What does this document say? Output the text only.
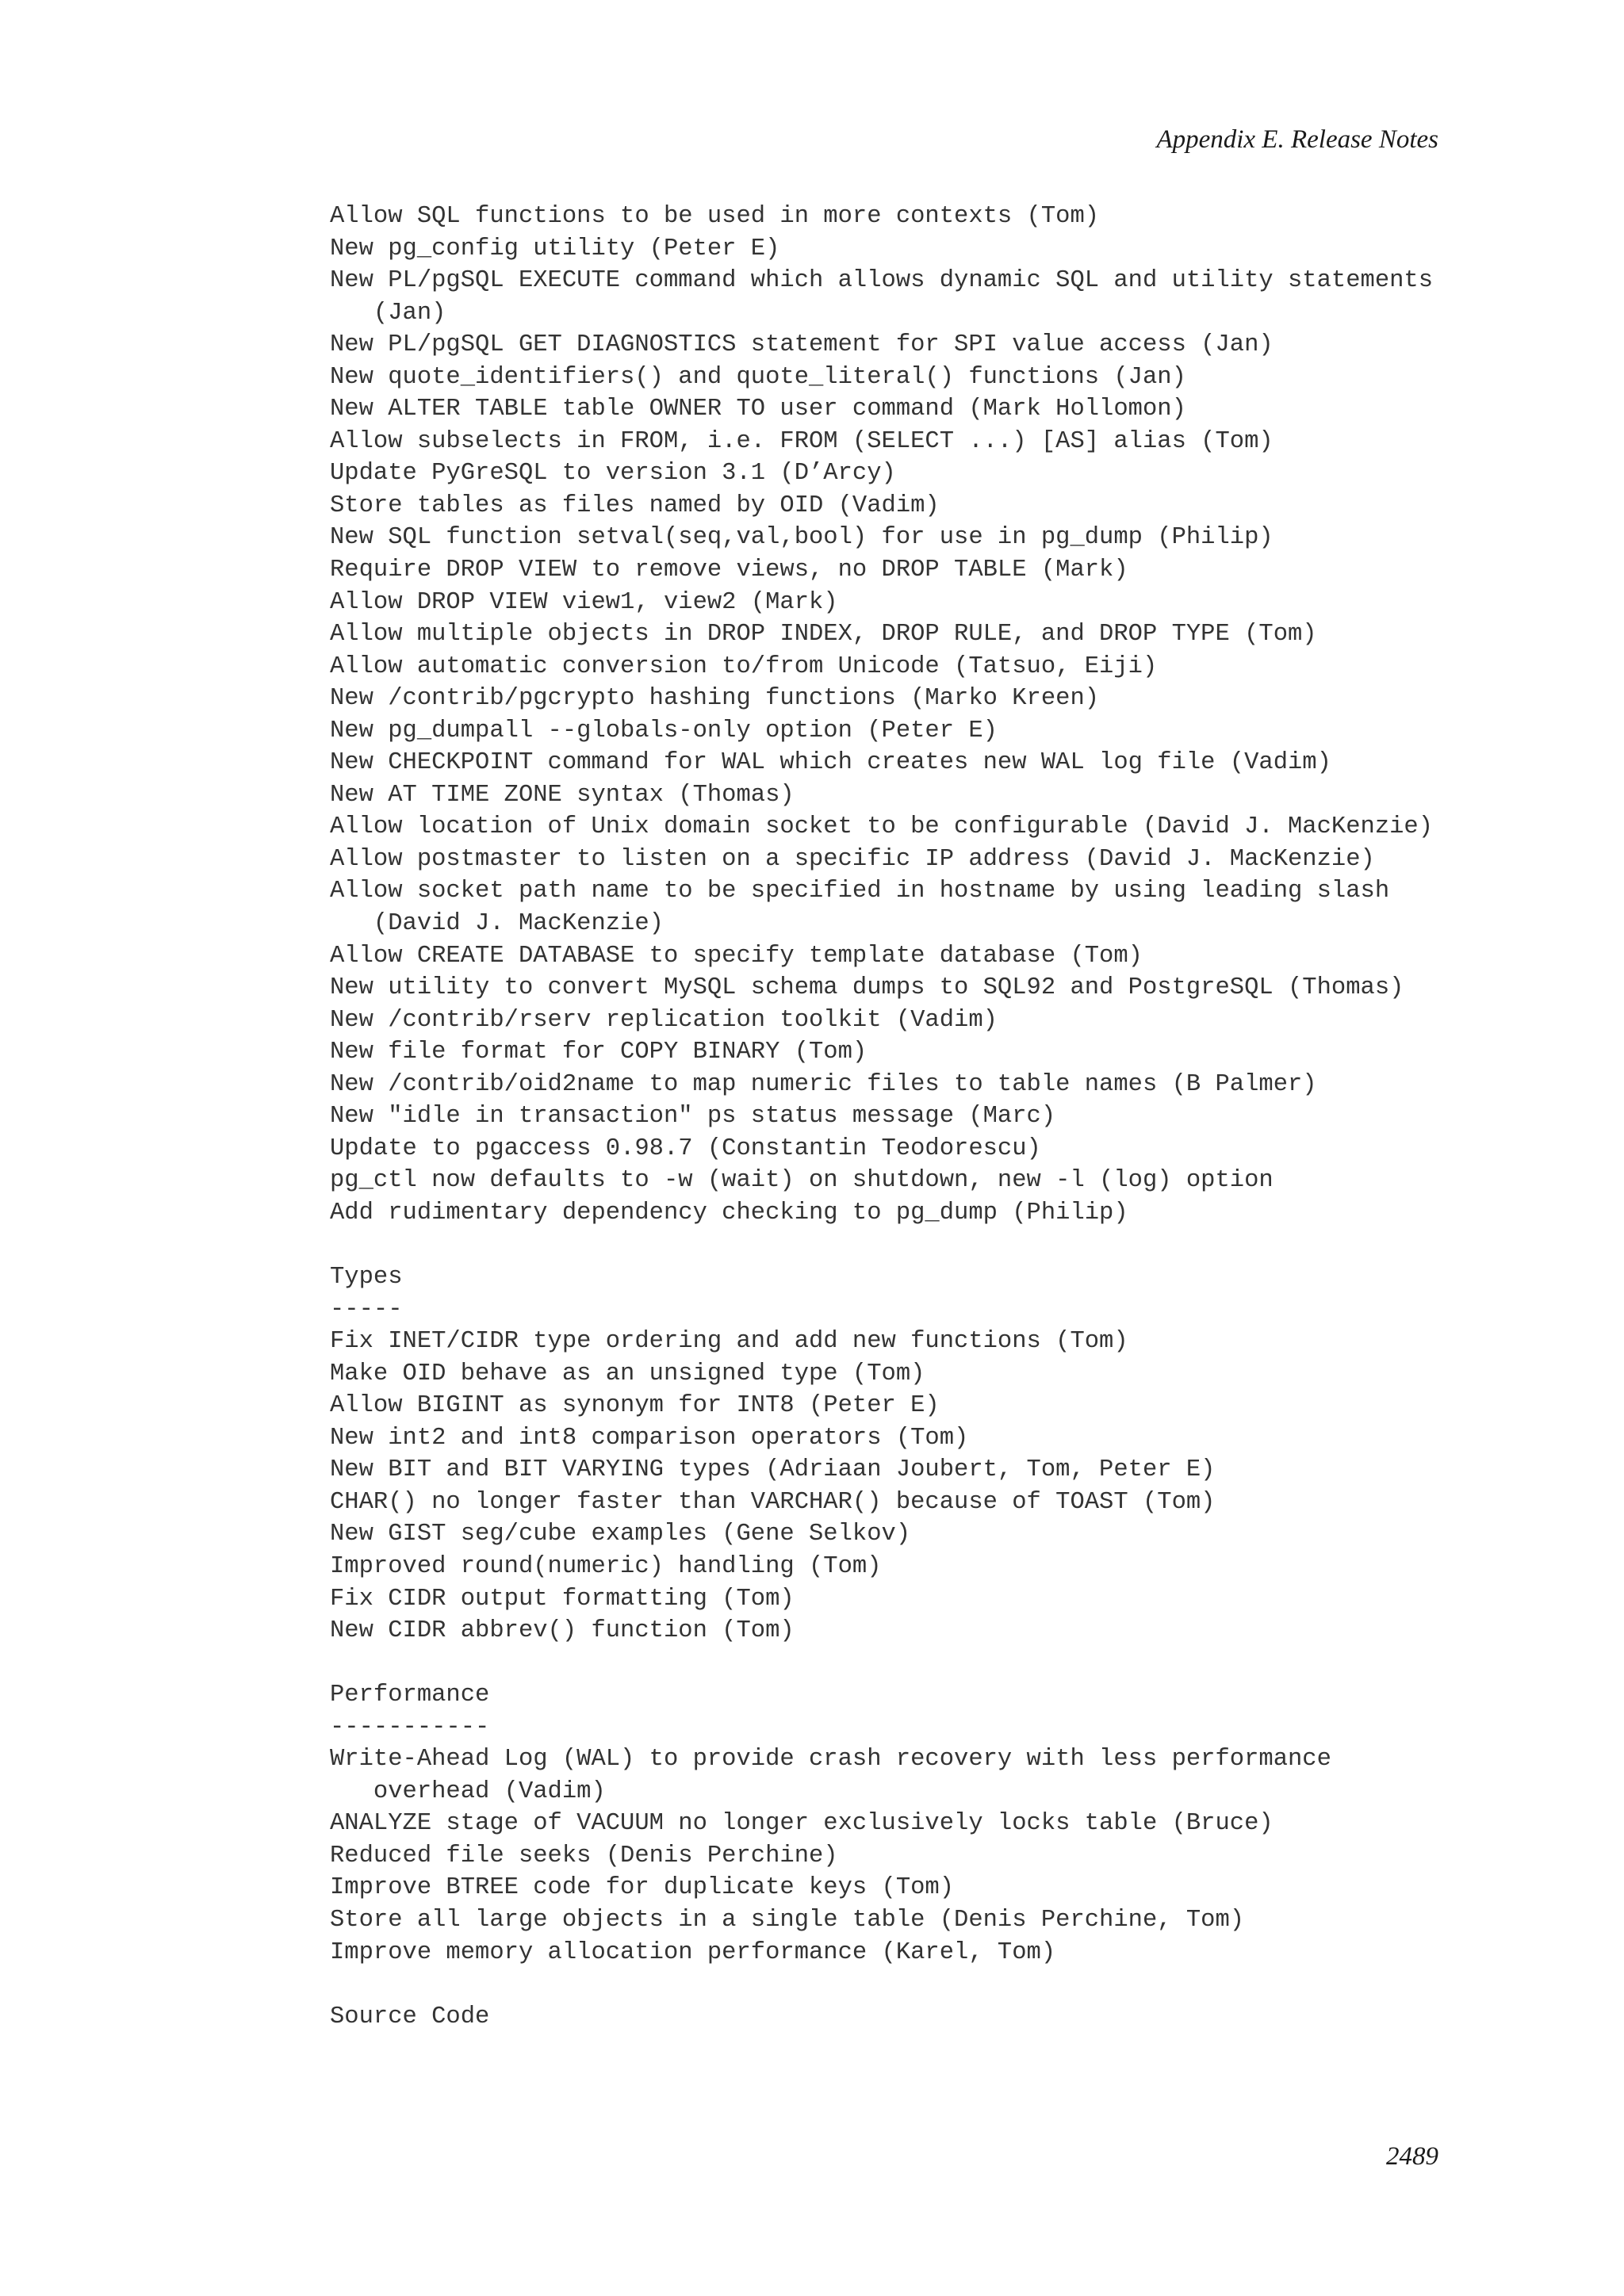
Appendix E. Release Notes
Allow SQL functions to be used in more contexts (Tom)
New pg_config utility (Peter E)
New PL/pgSQL EXECUTE command which allows dynamic SQL and utility statements
(Jan)
New PL/pgSQL GET DIAGNOSTICS statement for SPI value access (Jan)
New quote_identifiers() and quote_literal() functions (Jan)
New ALTER TABLE table OWNER TO user command (Mark Hollomon)
Allow subselects in FROM, i.e. FROM (SELECT ...) [AS] alias (Tom)
Update PyGreSQL to version 3.1 (D’Arcy)
Store tables as files named by OID (Vadim)
New SQL function setval(seq,val,bool) for use in pg_dump (Philip)
Require DROP VIEW to remove views, no DROP TABLE (Mark)
Allow DROP VIEW view1, view2 (Mark)
Allow multiple objects in DROP INDEX, DROP RULE, and DROP TYPE (Tom)
Allow automatic conversion to/from Unicode (Tatsuo, Eiji)
New /contrib/pgcrypto hashing functions (Marko Kreen)
New pg_dumpall --globals-only option (Peter E)
New CHECKPOINT command for WAL which creates new WAL log file (Vadim)
New AT TIME ZONE syntax (Thomas)
Allow location of Unix domain socket to be configurable (David J. MacKenzie)
Allow postmaster to listen on a specific IP address (David J. MacKenzie)
Allow socket path name to be specified in hostname by using leading slash
(David J. MacKenzie)
Allow CREATE DATABASE to specify template database (Tom)
New utility to convert MySQL schema dumps to SQL92 and PostgreSQL (Thomas)
New /contrib/rserv replication toolkit (Vadim)
New file format for COPY BINARY (Tom)
New /contrib/oid2name to map numeric files to table names (B Palmer)
New "idle in transaction" ps status message (Marc)
Update to pgaccess 0.98.7 (Constantin Teodorescu)
pg_ctl now defaults to -w (wait) on shutdown, new -l (log) option
Add rudimentary dependency checking to pg_dump (Philip)
Types
-----
Fix INET/CIDR type ordering and add new functions (Tom)
Make OID behave as an unsigned type (Tom)
Allow BIGINT as synonym for INT8 (Peter E)
New int2 and int8 comparison operators (Tom)
New BIT and BIT VARYING types (Adriaan Joubert, Tom, Peter E)
CHAR() no longer faster than VARCHAR() because of TOAST (Tom)
New GIST seg/cube examples (Gene Selkov)
Improved round(numeric) handling (Tom)
Fix CIDR output formatting (Tom)
New CIDR abbrev() function (Tom)
Performance
-----------
Write-Ahead Log (WAL) to provide crash recovery with less performance
overhead (Vadim)
ANALYZE stage of VACUUM no longer exclusively locks table (Bruce)
Reduced file seeks (Denis Perchine)
Improve BTREE code for duplicate keys (Tom)
Store all large objects in a single table (Denis Perchine, Tom)
Improve memory allocation performance (Karel, Tom)
Source Code
2489
